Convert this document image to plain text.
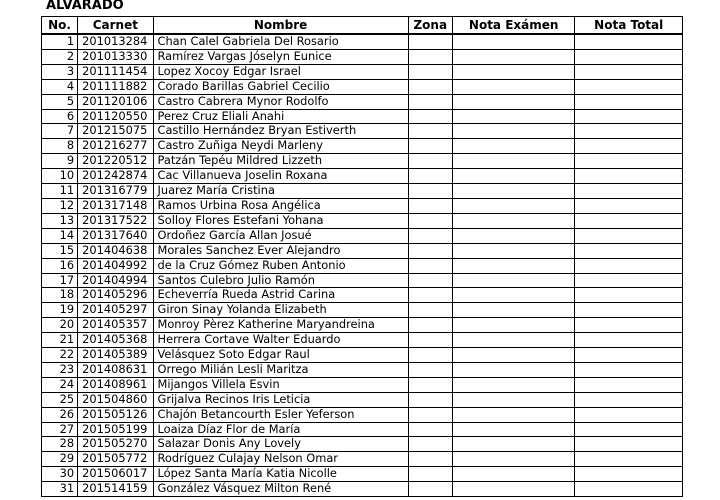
ALVARADO
No.	Carnet	Nombre	Zona	Nota Exámen	Nota Total
1	201013284	Chan Calel Gabriela Del Rosario			
2	201013330	Ramírez Vargas Jóselyn Eunice			
3	201111454	Lopez Xocoy Edgar Israel			
4	201111882	Corado Barillas Gabriel Cecilio			
5	201120106	Castro Cabrera Mynor Rodolfo			
6	201120550	Perez Cruz Eliali Anahi			
7	201215075	Castillo Hernández Bryan Estiverth			
8	201216277	Castro Zuñiga Neydi Marleny			
9	201220512	Patzán Tepéu Mildred Lizzeth			
10	201242874	Cac Villanueva Joselin Roxana			
11	201316779	Juarez María Cristina			
12	201317148	Ramos Urbina Rosa Angélica			
13	201317522	Solloy Flores Estefani Yohana			
14	201317640	Ordoñez García Allan Josué			
15	201404638	Morales Sanchez Ever Alejandro			
16	201404992	de la Cruz Gómez Ruben Antonio			
17	201404994	Santos Culebro Julio Ramón			
18	201405296	Echeverría Rueda Astrid Carina			
19	201405297	Giron Sinay Yolanda Elizabeth			
20	201405357	Monroy Pèrez Katherine Maryandreina			
21	201405368	Herrera Cortave Walter Eduardo			
22	201405389	Velásquez Soto Edgar Raul			
23	201408631	Orrego Milián Lesli Maritza			
24	201408961	Mijangos Villela Esvin			
25	201504860	Grijalva Recinos Iris Leticia			
26	201505126	Chajón Betancourth Esler Yeferson			
27	201505199	Loaiza Díaz Flor de María			
28	201505270	Salazar Donis Any Lovely			
29	201505772	Rodríguez Culajay Nelson Omar			
30	201506017	López Santa María Katia Nicolle			
31	201514159	González Vásquez Milton René			
